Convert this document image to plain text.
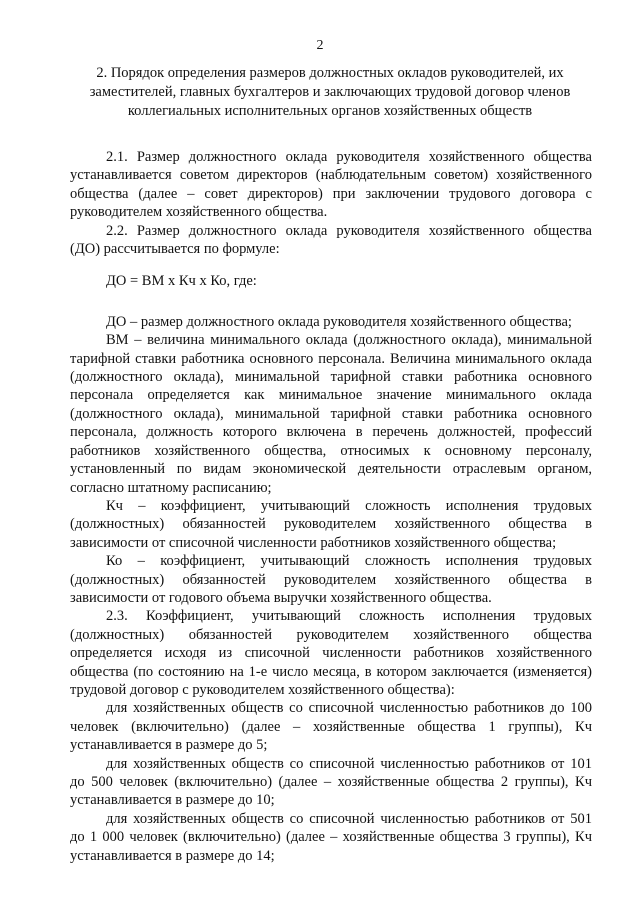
2
2. Порядок определения размеров должностных окладов руководителей, их заместителей, главных бухгалтеров и заключающих трудовой договор членов коллегиальных исполнительных органов хозяйственных обществ

2.1. Размер должностного оклада руководителя хозяйственного общества устанавливается советом директоров (наблюдательным советом) хозяйственного общества (далее – совет директоров) при заключении трудового договора с руководителем хозяйственного общества.

2.2. Размер должностного оклада руководителя хозяйственного общества (ДО) рассчитывается по формуле:

ДО = ВМ х Кч х Ко, где:

ДО – размер должностного оклада руководителя хозяйственного общества;

ВМ – величина минимального оклада (должностного оклада), минимальной тарифной ставки работника основного персонала. Величина минимального оклада (должностного оклада), минимальной тарифной ставки работника основного персонала определяется как минимальное значение минимального оклада (должностного оклада), минимальной тарифной ставки работника основного персонала, должность которого включена в перечень должностей, профессий работников хозяйственного общества, относимых к основному персоналу, установленный по видам экономической деятельности отраслевым органом, согласно штатному расписанию;

Кч – коэффициент, учитывающий сложность исполнения трудовых (должностных) обязанностей руководителем хозяйственного общества в зависимости от списочной численности работников хозяйственного общества;

Ко – коэффициент, учитывающий сложность исполнения трудовых (должностных) обязанностей руководителем хозяйственного общества в зависимости от годового объема выручки хозяйственного общества.

2.3. Коэффициент, учитывающий сложность исполнения трудовых (должностных) обязанностей руководителем хозяйственного общества определяется исходя из списочной численности работников хозяйственного общества (по состоянию на 1-е число месяца, в котором заключается (изменяется) трудовой договор с руководителем хозяйственного общества):

для хозяйственных обществ со списочной численностью работников до 100 человек (включительно) (далее – хозяйственные общества 1 группы), Кч устанавливается в размере до 5;

для хозяйственных обществ со списочной численностью работников от 101 до 500 человек (включительно) (далее – хозяйственные общества 2 группы), Кч устанавливается в размере до 10;

для хозяйственных обществ со списочной численностью работников от 501 до 1 000 человек (включительно) (далее – хозяйственные общества 3 группы), Кч устанавливается в размере до 14;
